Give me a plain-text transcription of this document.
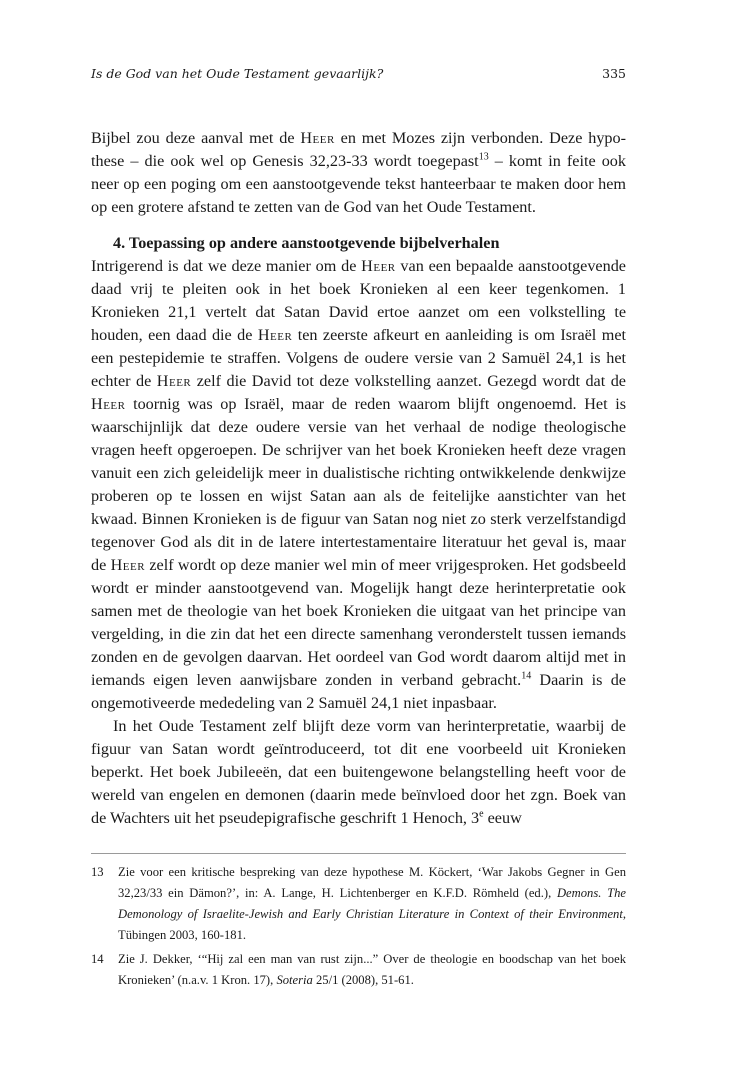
Is de God van het Oude Testament gevaarlijk?	335

Bijbel zou deze aanval met de Heer en met Mozes zijn verbonden. Deze hypothese – die ook wel op Genesis 32,23-33 wordt toegepast$^{13}$ – komt in feite ook neer op een poging om een aanstootgevende tekst hanteerbaar te maken door hem op een grotere afstand te zetten van de God van het Oude Testament.

4. Toepassing op andere aanstootgevende bijbelverhalen

Intrigerend is dat we deze manier om de Heer van een bepaalde aanstootgevende daad vrij te pleiten ook in het boek Kronieken al een keer tegenkomen. 1 Kronieken 21,1 vertelt dat Satan David ertoe aanzet om een volkstelling te houden, een daad die de Heer ten zeerste afkeurt en aanleiding is om Israël met een pestepidemie te straffen. Volgens de oudere versie van 2 Samuël 24,1 is het echter de Heer zelf die David tot deze volkstelling aanzet. Gezegd wordt dat de Heer toornig was op Israël, maar de reden waarom blijft ongenoemd. Het is waarschijnlijk dat deze oudere versie van het verhaal de nodige theologische vragen heeft opgeroepen. De schrijver van het boek Kronieken heeft deze vragen vanuit een zich geleidelijk meer in dualistische richting ontwikkelende denkwijze proberen op te lossen en wijst Satan aan als de feitelijke aanstichter van het kwaad. Binnen Kronieken is de figuur van Satan nog niet zo sterk verzelfstandigd tegenover God als dit in de latere intertestamentaire literatuur het geval is, maar de Heer zelf wordt op deze manier wel min of meer vrijgesproken. Het godsbeeld wordt er minder aanstootgevend van. Mogelijk hangt deze herinterpretatie ook samen met de theologie van het boek Kronieken die uitgaat van het principe van vergelding, in die zin dat het een directe samenhang veronderstelt tussen iemands zonden en de gevolgen daarvan. Het oordeel van God wordt daarom altijd met in iemands eigen leven aanwijsbare zonden in verband gebracht.$^{14}$ Daarin is de ongemotiveerde mededeling van 2 Samuël 24,1 niet inpasbaar.

In het Oude Testament zelf blijft deze vorm van herinterpretatie, waarbij de figuur van Satan wordt geïntroduceerd, tot dit ene voorbeeld uit Kronieken beperkt. Het boek Jubileeën, dat een buitengewone belangstelling heeft voor de wereld van engelen en demonen (daarin mede beïnvloed door het zgn. Boek van de Wachters uit het pseudepigrafische geschrift 1 Henoch, 3e eeuw

13 Zie voor een kritische bespreking van deze hypothese M. Köckert, ‘War Jakobs Gegner in Gen 32,23/33 ein Dämon?’, in: A. Lange, H. Lichtenberger en K.F.D. Römheld (ed.), Demons. The Demonology of Israelite-Jewish and Early Christian Literature in Context of their Environment, Tübingen 2003, 160-181.
14 Zie J. Dekker, ‘“Hij zal een man van rust zijn...” Over de theologie en boodschap van het boek Kronieken’ (n.a.v. 1 Kron. 17), Soteria 25/1 (2008), 51-61.
